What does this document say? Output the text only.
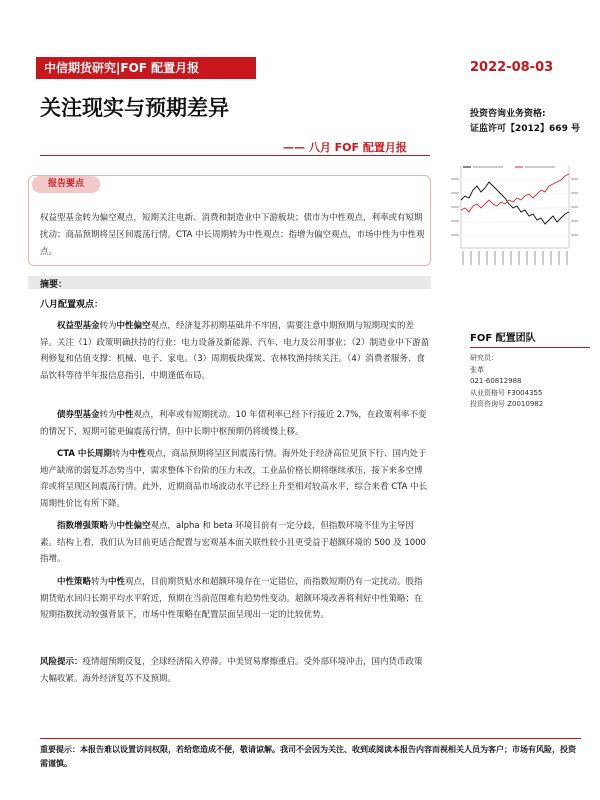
中信期货研究|FOF 配置月报	2022-08-03
关注现实与预期差异
—— 八月 FOF 配置月报
投资咨询业务资格:
证监许可【2012】669 号
报告要点
权益型基金转为偏空观点，短期关注电新、消费和制造业中下游板块；债市为中性观点，利率或有短期扰动；商品预期将呈区间震荡行情。CTA 中长周期转为中性观点；指增为偏空观点，市场中性为中性观点。
摘要：
八月配置观点：
权益型基金转为中性偏空观点，经济复苏初期基础并不牢固，需要注意中期预期与短期现实的差异。关注（1）政策明确扶持的行业：电力设备及新能源、汽车、电力及公用事业；（2）制造业中下游盈利修复和估值支撑：机械、电子、家电。（3）周期板块煤炭、农林牧渔持续关注。（4）消费者服务、食品饮料等待半年报信息指引，中期逢低布局。
债券型基金转为中性观点，利率或有短期扰动。10 年债利率已经下行接近 2.7%，在政策利率不变的情况下，短期可能更偏震荡行情，但中长期中枢预期仍将缓慢上移。
CTA 中长周期转为中性观点，商品预期将呈区间震荡行情。海外处于经济高位见顶下行、国内处于地产缺席的弱复苏态势当中，需求整体下台阶的压力未改，工业品价格长期将继续承压，接下来多空博弈或将呈现区间震荡行情。此外，近期商品市场波动水平已经上升至相对较高水平，综合来看 CTA 中长周期性价比有所下降。
指数增强策略为中性偏空观点，alpha 和 beta 环境目前有一定分歧，但指数环境不佳为主导因素。结构上看，我们认为目前更适合配置与宏观基本面关联性较小且更受益于超额环境的 500 及 1000 指增。
中性策略转为中性观点，目前期货贴水和超额环境存在一定错位，而指数短期仍有一定扰动。股指期货贴水回归长期平均水平附近，预期在当前范围难有趋势性变动。超额环境改善将利好中性策略；在短期指数扰动较强背景下，市场中性策略在配置层面呈现出一定的比较优势。
风险提示：疫情超预期反复，全球经济陷入停滞。中美贸易摩擦重启。受外部环境冲击，国内货币政策大幅收紧。海外经济复苏不及预期。
FOF 配置团队
研究员：
张革
021-60812988
从业资格号 F3004355
投资咨询号 Z0010982
重要提示：本报告难以设置访问权限，若给您造成不便，敬请谅解。我司不会因为关注、收到或阅读本报告内容而视相关人员为客户；市场有风险，投资需谨慎。
